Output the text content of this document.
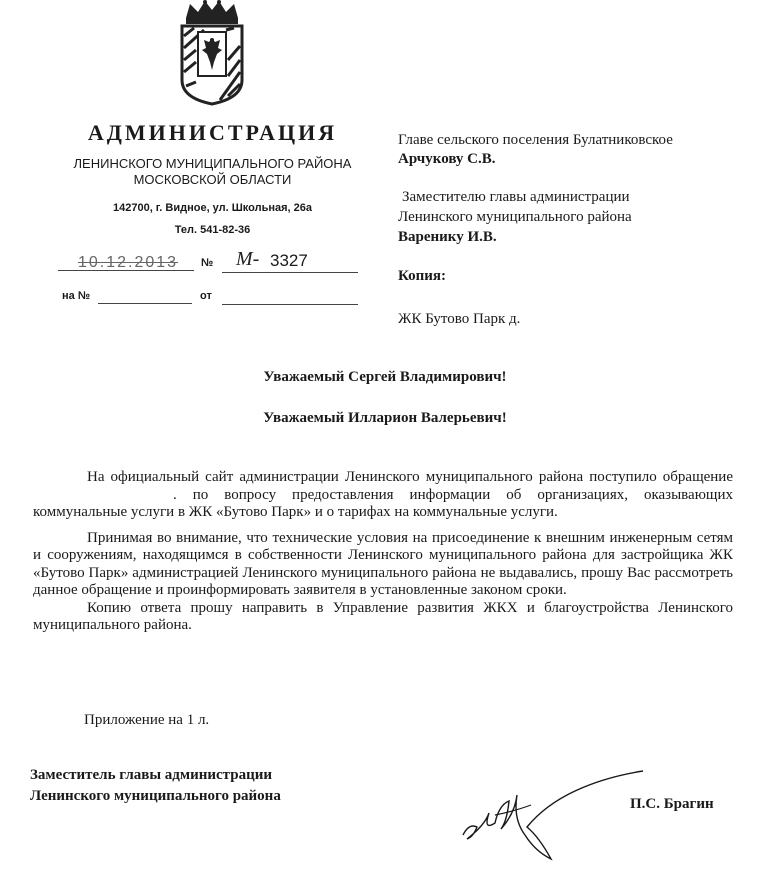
АДМИНИСТРАЦИЯ
ЛЕНИНСКОГО МУНИЦИПАЛЬНОГО РАЙОНА
МОСКОВСКОЙ ОБЛАСТИ
142700, г. Видное, ул. Школьная, 26а
Тел. 541-82-36
10.12.2013 № М- 3327
на №	от
Главе сельского поселения Булатниковское
Арчукову С.В.
Заместителю главы администрации
Ленинского муниципального района
Варенику И.В.
Копия:
ЖК Бутово Парк д.
Уважаемый Сергей Владимирович!
Уважаемый Илларион Валерьевич!

На официальный сайт администрации Ленинского муниципального района поступило обращение . по вопросу предоставления информации об организациях, оказывающих коммунальные услуги в ЖК «Бутово Парк» и о тарифах на коммунальные услуги.

Принимая во внимание, что технические условия на присоединение к внешним инженерным сетям и сооружениям, находящимся в собственности Ленинского муниципального района для застройщика ЖК «Бутово Парк» администрацией Ленинского муниципального района не выдавались, прошу Вас рассмотреть данное обращение и проинформировать заявителя в установленные законом сроки.

Копию ответа прошу направить в Управление развития ЖКХ и благоустройства Ленинского муниципального района.

Приложение на 1 л.
Заместитель главы администрации
Ленинского муниципального района	П.С. Брагин
